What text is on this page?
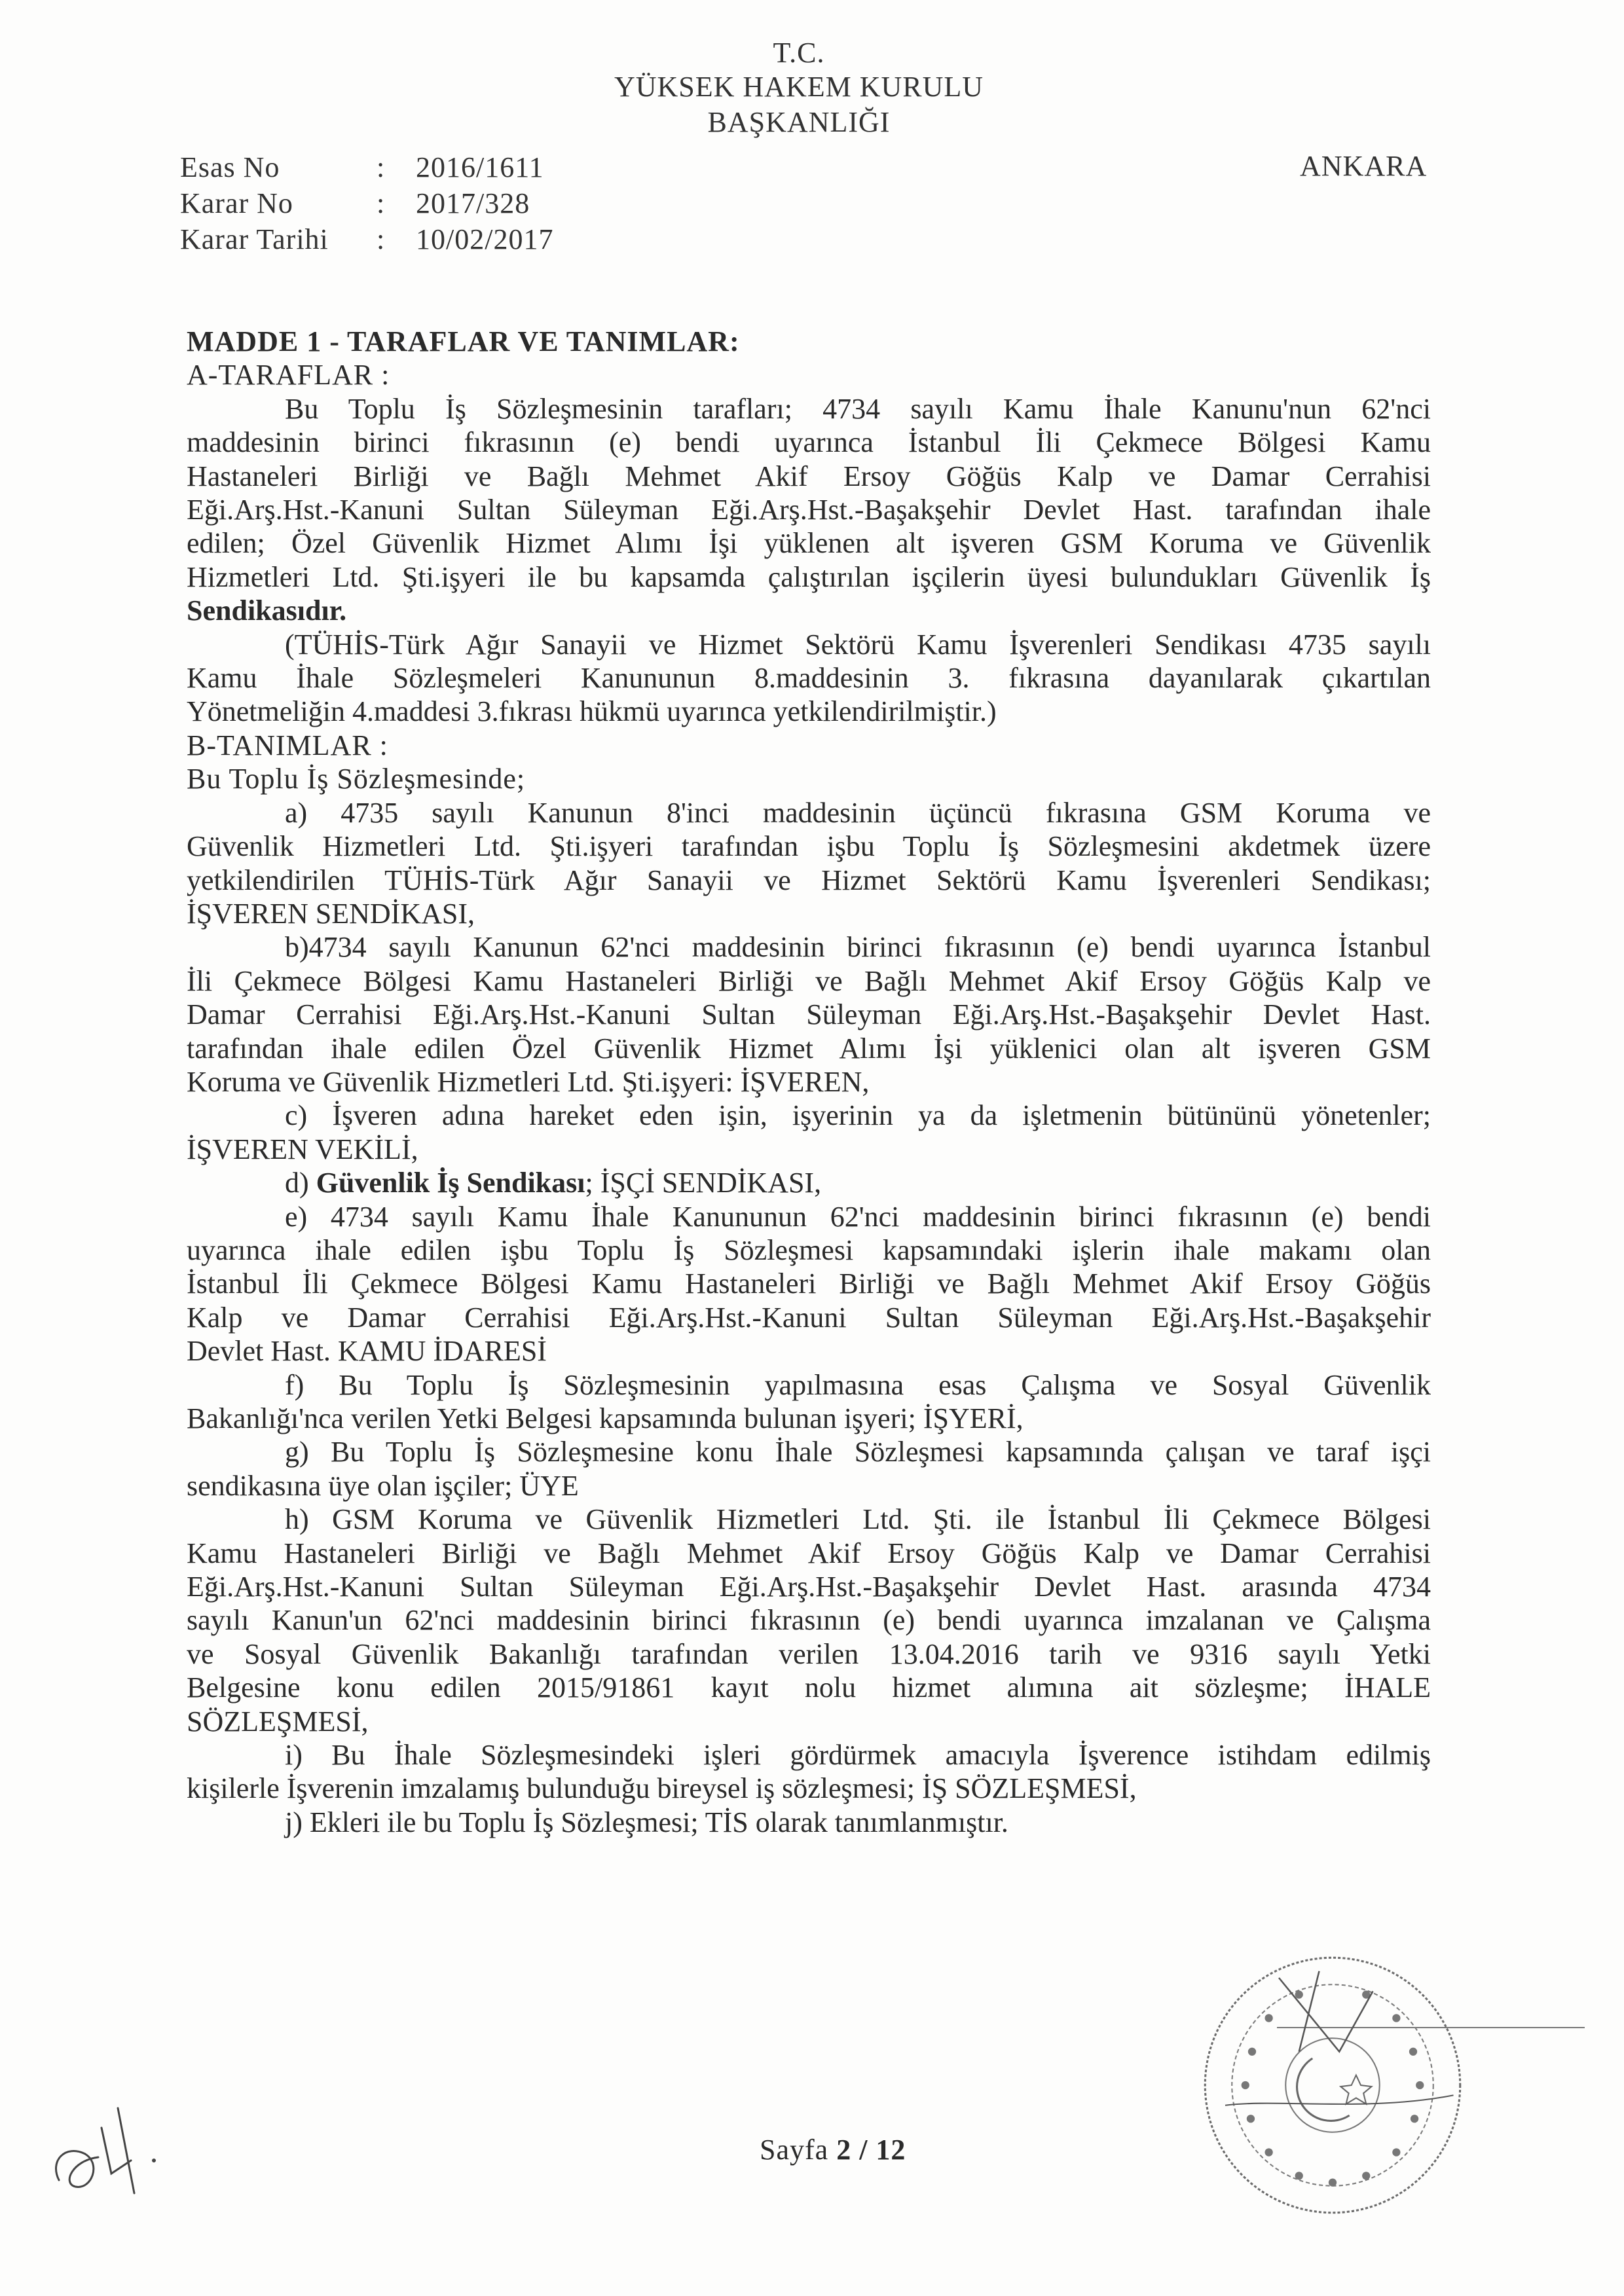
T.C.
YÜKSEK HAKEM KURULU
BAŞKANLIĞI
Esas No	:	2016/1611
Karar No	:	2017/328
Karar Tarihi	:	10/02/2017
ANKARA

MADDE 1 - TARAFLAR VE TANIMLAR:

A-TARAFLAR :

Bu Toplu İş Sözleşmesinin tarafları; 4734 sayılı Kamu İhale Kanunu'nun 62'nci

maddesinin birinci fıkrasının (e) bendi uyarınca İstanbul İli Çekmece Bölgesi Kamu

Hastaneleri Birliği ve Bağlı Mehmet Akif Ersoy Göğüs Kalp ve Damar Cerrahisi

Eği.Arş.Hst.-Kanuni Sultan Süleyman Eği.Arş.Hst.-Başakşehir Devlet Hast. tarafından ihale

edilen; Özel Güvenlik Hizmet Alımı İşi yüklenen alt işveren GSM Koruma ve Güvenlik

Hizmetleri Ltd. Şti.işyeri ile bu kapsamda çalıştırılan işçilerin üyesi bulundukları Güvenlik İş

Sendikasıdır.

(TÜHİS-Türk Ağır Sanayii ve Hizmet Sektörü Kamu İşverenleri Sendikası 4735 sayılı

Kamu İhale Sözleşmeleri Kanununun 8.maddesinin 3. fıkrasına dayanılarak çıkartılan

Yönetmeliğin 4.maddesi 3.fıkrası hükmü uyarınca yetkilendirilmiştir.)

B-TANIMLAR :

Bu Toplu İş Sözleşmesinde;

a) 4735 sayılı Kanunun 8'inci maddesinin üçüncü fıkrasına GSM Koruma ve

Güvenlik Hizmetleri Ltd. Şti.işyeri tarafından işbu Toplu İş Sözleşmesini akdetmek üzere

yetkilendirilen TÜHİS-Türk Ağır Sanayii ve Hizmet Sektörü Kamu İşverenleri Sendikası;

İŞVEREN SENDİKASI,

b)4734 sayılı Kanunun 62'nci maddesinin birinci fıkrasının (e) bendi uyarınca İstanbul

İli Çekmece Bölgesi Kamu Hastaneleri Birliği ve Bağlı Mehmet Akif Ersoy Göğüs Kalp ve

Damar Cerrahisi Eği.Arş.Hst.-Kanuni Sultan Süleyman Eği.Arş.Hst.-Başakşehir Devlet Hast.

tarafından ihale edilen Özel Güvenlik Hizmet Alımı İşi yüklenici olan alt işveren GSM

Koruma ve Güvenlik Hizmetleri Ltd. Şti.işyeri: İŞVEREN,

c) İşveren adına hareket eden işin, işyerinin ya da işletmenin bütününü yönetenler;

İŞVEREN VEKİLİ,

d) Güvenlik İş Sendikası; İŞÇİ SENDİKASI,

e) 4734 sayılı Kamu İhale Kanununun 62'nci maddesinin birinci fıkrasının (e) bendi

uyarınca ihale edilen işbu Toplu İş Sözleşmesi kapsamındaki işlerin ihale makamı olan

İstanbul İli Çekmece Bölgesi Kamu Hastaneleri Birliği ve Bağlı Mehmet Akif Ersoy Göğüs

Kalp ve Damar Cerrahisi Eği.Arş.Hst.-Kanuni Sultan Süleyman Eği.Arş.Hst.-Başakşehir

Devlet Hast. KAMU İDARESİ

f) Bu Toplu İş Sözleşmesinin yapılmasına esas Çalışma ve Sosyal Güvenlik

Bakanlığı'nca verilen Yetki Belgesi kapsamında bulunan işyeri; İŞYERİ,

g) Bu Toplu İş Sözleşmesine konu İhale Sözleşmesi kapsamında çalışan ve taraf işçi

sendikasına üye olan işçiler; ÜYE

h) GSM Koruma ve Güvenlik Hizmetleri Ltd. Şti. ile İstanbul İli Çekmece Bölgesi

Kamu Hastaneleri Birliği ve Bağlı Mehmet Akif Ersoy Göğüs Kalp ve Damar Cerrahisi

Eği.Arş.Hst.-Kanuni Sultan Süleyman Eği.Arş.Hst.-Başakşehir Devlet Hast. arasında 4734

sayılı Kanun'un 62'nci maddesinin birinci fıkrasının (e) bendi uyarınca imzalanan ve Çalışma

ve Sosyal Güvenlik Bakanlığı tarafından verilen 13.04.2016 tarih ve 9316 sayılı Yetki

Belgesine konu edilen 2015/91861 kayıt nolu hizmet alımına ait sözleşme; İHALE

SÖZLEŞMESİ,

i) Bu İhale Sözleşmesindeki işleri gördürmek amacıyla İşverence istihdam edilmiş

kişilerle İşverenin imzalamış bulunduğu bireysel iş sözleşmesi; İŞ SÖZLEŞMESİ,

j) Ekleri ile bu Toplu İş Sözleşmesi; TİS olarak tanımlanmıştır.

Sayfa 2 / 12
